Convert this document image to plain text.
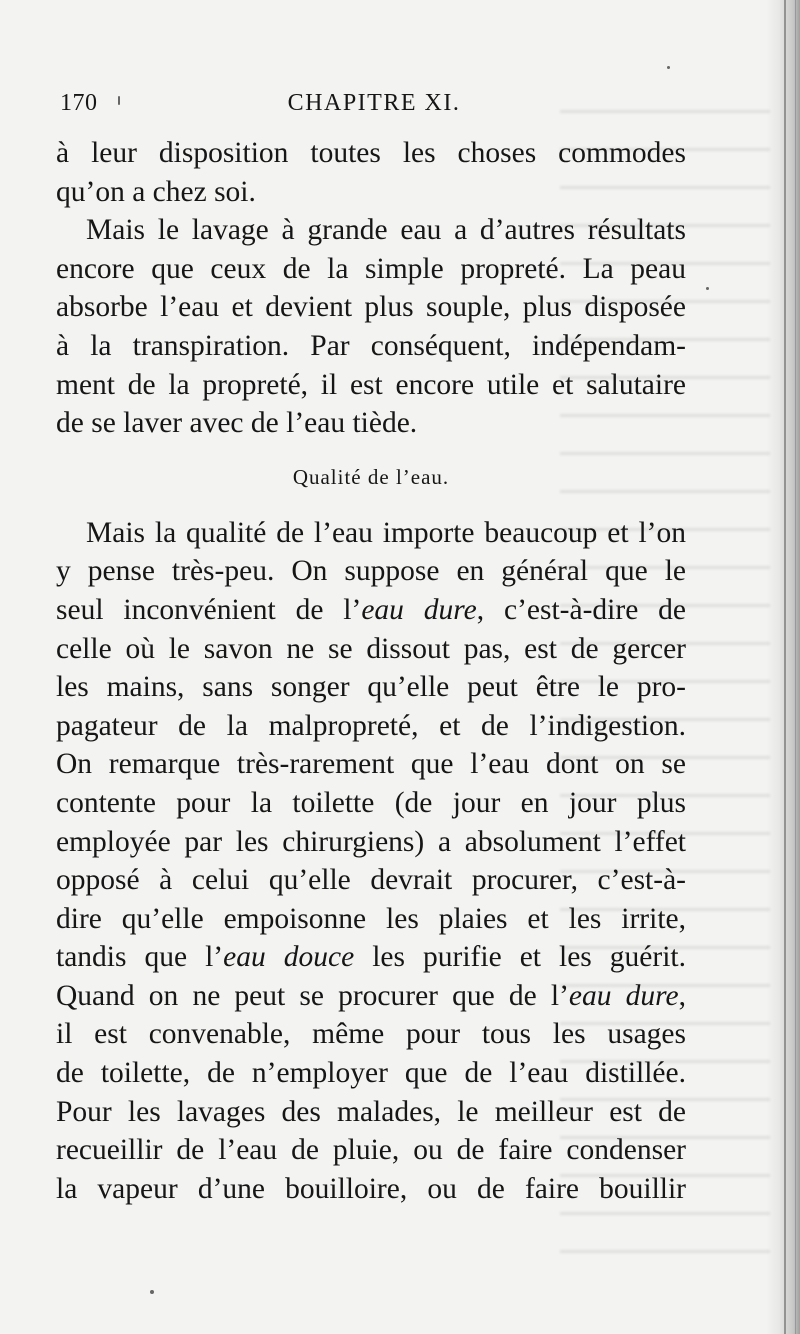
170	CHAPITRE XI.
à leur disposition toutes les choses commodes
qu’on a chez soi.
Mais le lavage à grande eau a d’autres résultats
encore que ceux de la simple propreté. La peau
absorbe l’eau et devient plus souple, plus disposée
à la transpiration. Par conséquent, indépendam-
ment de la propreté, il est encore utile et salutaire
de se laver avec de l’eau tiède.
Qualité de l’eau.
Mais la qualité de l’eau importe beaucoup et l’on
y pense très-peu. On suppose en général que le
seul inconvénient de l’eau dure, c’est-à-dire de
celle où le savon ne se dissout pas, est de gercer
les mains, sans songer qu’elle peut être le pro-
pagateur de la malpropreté, et de l’indigestion.
On remarque très-rarement que l’eau dont on se
contente pour la toilette (de jour en jour plus
employée par les chirurgiens) a absolument l’effet
opposé à celui qu’elle devrait procurer, c’est-à-
dire qu’elle empoisonne les plaies et les irrite,
tandis que l’eau douce les purifie et les guérit.
Quand on ne peut se procurer que de l’eau dure,
il est convenable, même pour tous les usages
de toilette, de n’employer que de l’eau distillée.
Pour les lavages des malades, le meilleur est de
recueillir de l’eau de pluie, ou de faire condenser
la vapeur d’une bouilloire, ou de faire bouillir
